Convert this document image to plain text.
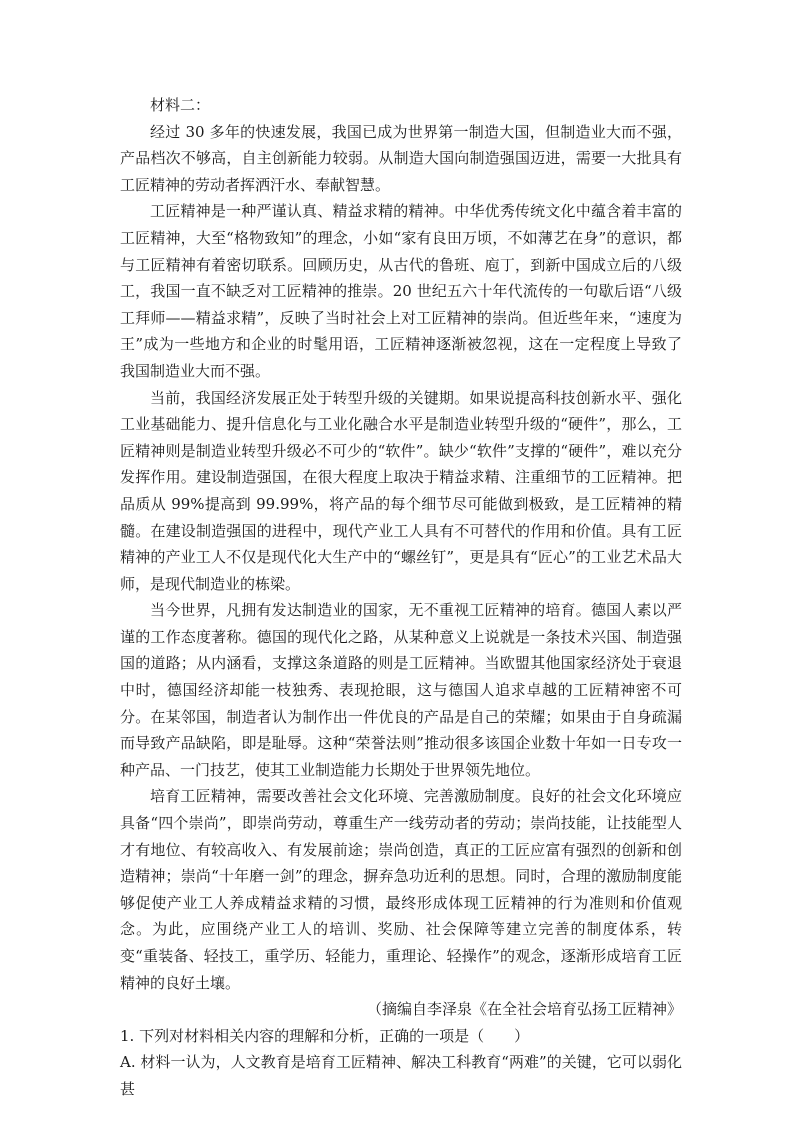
材料二：

经过 30 多年的快速发展，我国已成为世界第一制造大国，但制造业大而不强，产品档次不够高，自主创新能力较弱。从制造大国向制造强国迈进，需要一大批具有工匠精神的劳动者挥洒汗水、奉献智慧。

工匠精神是一种严谨认真、精益求精的精神。中华优秀传统文化中蕴含着丰富的工匠精神，大至“格物致知”的理念，小如“家有良田万顷，不如薄艺在身”的意识，都与工匠精神有着密切联系。回顾历史，从古代的鲁班、庖丁，到新中国成立后的八级工，我国一直不缺乏对工匠精神的推崇。20 世纪五六十年代流传的一句歇后语“八级工拜师——精益求精”，反映了当时社会上对工匠精神的崇尚。但近些年来，“速度为王”成为一些地方和企业的时髦用语，工匠精神逐渐被忽视，这在一定程度上导致了我国制造业大而不强。

当前，我国经济发展正处于转型升级的关键期。如果说提高科技创新水平、强化工业基础能力、提升信息化与工业化融合水平是制造业转型升级的“硬件”，那么，工匠精神则是制造业转型升级必不可少的“软件”。缺少“软件”支撑的“硬件”，难以充分发挥作用。建设制造强国，在很大程度上取决于精益求精、注重细节的工匠精神。把品质从 99%提高到 99.99%，将产品的每个细节尽可能做到极致，是工匠精神的精髓。在建设制造强国的进程中，现代产业工人具有不可替代的作用和价值。具有工匠精神的产业工人不仅是现代化大生产中的“螺丝钉”，更是具有“匠心”的工业艺术品大师，是现代制造业的栋梁。

当今世界，凡拥有发达制造业的国家，无不重视工匠精神的培育。德国人素以严谨的工作态度著称。德国的现代化之路，从某种意义上说就是一条技术兴国、制造强国的道路；从内涵看，支撑这条道路的则是工匠精神。当欧盟其他国家经济处于衰退中时，德国经济却能一枝独秀、表现抢眼，这与德国人追求卓越的工匠精神密不可分。在某邻国，制造者认为制作出一件优良的产品是自己的荣耀；如果由于自身疏漏而导致产品缺陷，即是耻辱。这种“荣誉法则”推动很多该国企业数十年如一日专攻一种产品、一门技艺，使其工业制造能力长期处于世界领先地位。

培育工匠精神，需要改善社会文化环境、完善激励制度。良好的社会文化环境应具备“四个崇尚”，即崇尚劳动，尊重生产一线劳动者的劳动；崇尚技能，让技能型人才有地位、有较高收入、有发展前途；崇尚创造，真正的工匠应富有强烈的创新和创造精神；崇尚“十年磨一剑”的理念，摒弃急功近利的思想。同时，合理的激励制度能够促使产业工人养成精益求精的习惯，最终形成体现工匠精神的行为准则和价值观念。为此，应围绕产业工人的培训、奖励、社会保障等建立完善的制度体系，转变“重装备、轻技工，重学历、轻能力，重理论、轻操作”的观念，逐渐形成培育工匠精神的良好土壤。

（摘编自李泽泉《在全社会培育弘扬工匠精神》

1. 下列对材料相关内容的理解和分析，正确的一项是（　　）

A. 材料一认为，人文教育是培育工匠精神、解决工科教育“两难”的关键，它可以弱化甚
